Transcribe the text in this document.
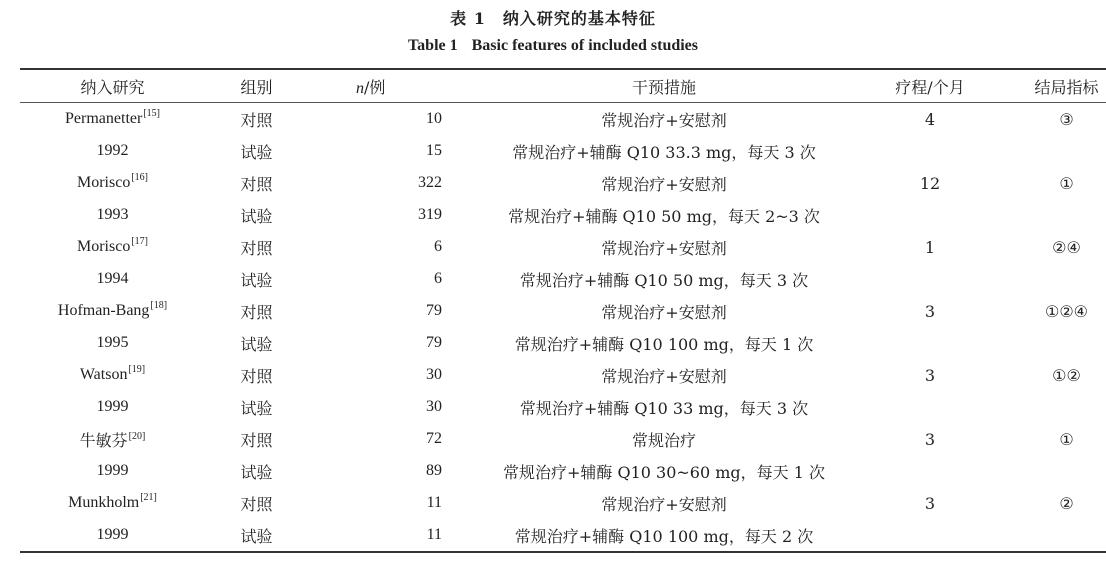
表 1　纳入研究的基本特征
Table 1 Basic features of included studies
纳入研究	组别	n/例	干预措施	疗程/个月	结局指标
Permanetter[15]	对照	10	常规治疗+安慰剂	4	③
1992	试验	15	常规治疗+辅酶 Q10 33.3 mg，每天 3 次		
Morisco[16]	对照	322	常规治疗+安慰剂	12	①
1993	试验	319	常规治疗+辅酶 Q10 50 mg，每天 2~3 次		
Morisco[17]	对照	6	常规治疗+安慰剂	1	②④
1994	试验	6	常规治疗+辅酶 Q10 50 mg，每天 3 次		
Hofman-Bang[18]	对照	79	常规治疗+安慰剂	3	①②④
1995	试验	79	常规治疗+辅酶 Q10 100 mg，每天 1 次		
Watson[19]	对照	30	常规治疗+安慰剂	3	①②
1999	试验	30	常规治疗+辅酶 Q10 33 mg，每天 3 次		
牛敏芬[20]	对照	72	常规治疗	3	①
1999	试验	89	常规治疗+辅酶 Q10 30~60 mg，每天 1 次		
Munkholm[21]	对照	11	常规治疗+安慰剂	3	②
1999	试验	11	常规治疗+辅酶 Q10 100 mg，每天 2 次		
